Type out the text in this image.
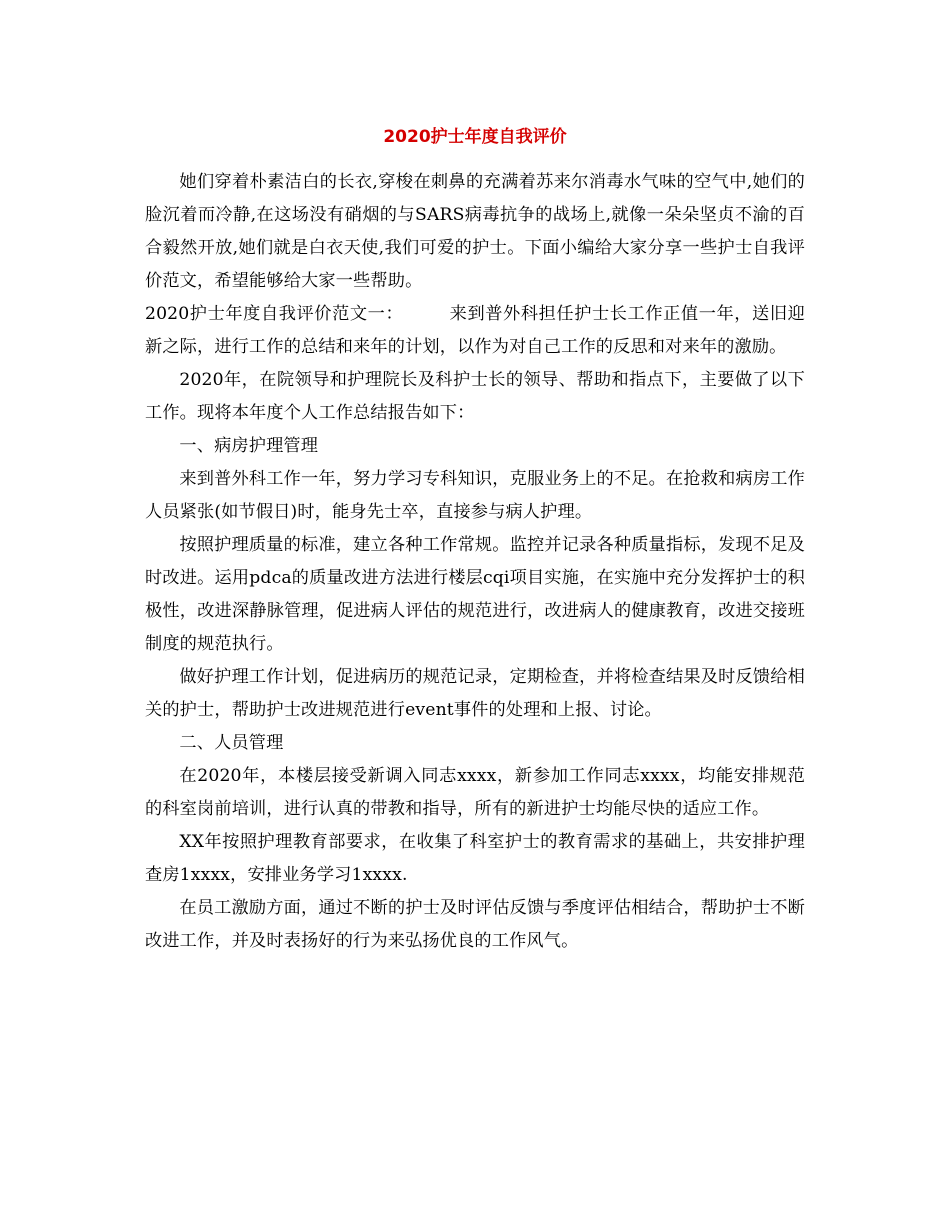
2020护士年度自我评价

她们穿着朴素洁白的长衣,穿梭在刺鼻的充满着苏来尔消毒水气味的空气中,她们的脸沉着而冷静,在这场没有硝烟的与SARS病毒抗争的战场上,就像一朵朵坚贞不渝的百合毅然开放,她们就是白衣天使,我们可爱的护士。下面小编给大家分享一些护士自我评价范文，希望能够给大家一些帮助。

2020护士年度自我评价范文一：	来到普外科担任护士长工作正值一年，送旧迎新之际，进行工作的总结和来年的计划，以作为对自己工作的反思和对来年的激励。

2020年，在院领导和护理院长及科护士长的领导、帮助和指点下，主要做了以下工作。现将本年度个人工作总结报告如下：

一、病房护理管理

来到普外科工作一年，努力学习专科知识，克服业务上的不足。在抢救和病房工作人员紧张(如节假日)时，能身先士卒，直接参与病人护理。

按照护理质量的标准，建立各种工作常规。监控并记录各种质量指标，发现不足及时改进。运用pdca的质量改进方法进行楼层cqi项目实施，在实施中充分发挥护士的积极性，改进深静脉管理，促进病人评估的规范进行，改进病人的健康教育，改进交接班制度的规范执行。

做好护理工作计划，促进病历的规范记录，定期检查，并将检查结果及时反馈给相关的护士，帮助护士改进规范进行event事件的处理和上报、讨论。

二、人员管理

在2020年，本楼层接受新调入同志xxxx，新参加工作同志xxxx，均能安排规范的科室岗前培训，进行认真的带教和指导，所有的新进护士均能尽快的适应工作。

XX年按照护理教育部要求，在收集了科室护士的教育需求的基础上，共安排护理查房1xxxx，安排业务学习1xxxx.

在员工激励方面，通过不断的护士及时评估反馈与季度评估相结合，帮助护士不断改进工作，并及时表扬好的行为来弘扬优良的工作风气。
